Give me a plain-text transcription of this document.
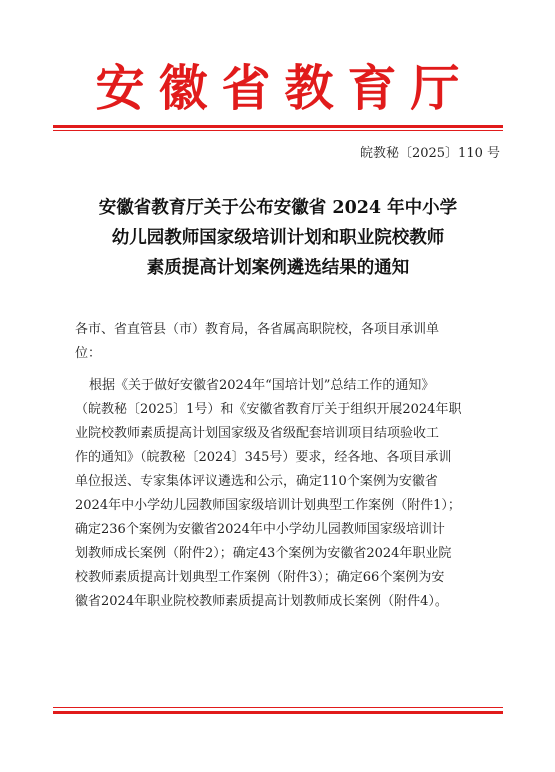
安徽省教育厅
皖教秘〔2025〕110 号
安徽省教育厅关于公布安徽省 2024 年中小学
幼儿园教师国家级培训计划和职业院校教师
素质提高计划案例遴选结果的通知
各市、省直管县（市）教育局，各省属高职院校，各项目承训单
位：
根据《关于做好安徽省2024年“国培计划”总结工作的通知》
（皖教秘〔2025〕1号）和《安徽省教育厅关于组织开展2024年职
业院校教师素质提高计划国家级及省级配套培训项目结项验收工
作的通知》（皖教秘〔2024〕345号）要求，经各地、各项目承训
单位报送、专家集体评议遴选和公示，确定110个案例为安徽省
2024年中小学幼儿园教师国家级培训计划典型工作案例（附件1）；
确定236个案例为安徽省2024年中小学幼儿园教师国家级培训计
划教师成长案例（附件2）；确定43个案例为安徽省2024年职业院
校教师素质提高计划典型工作案例（附件3）；确定66个案例为安
徽省2024年职业院校教师素质提高计划教师成长案例（附件4）。
